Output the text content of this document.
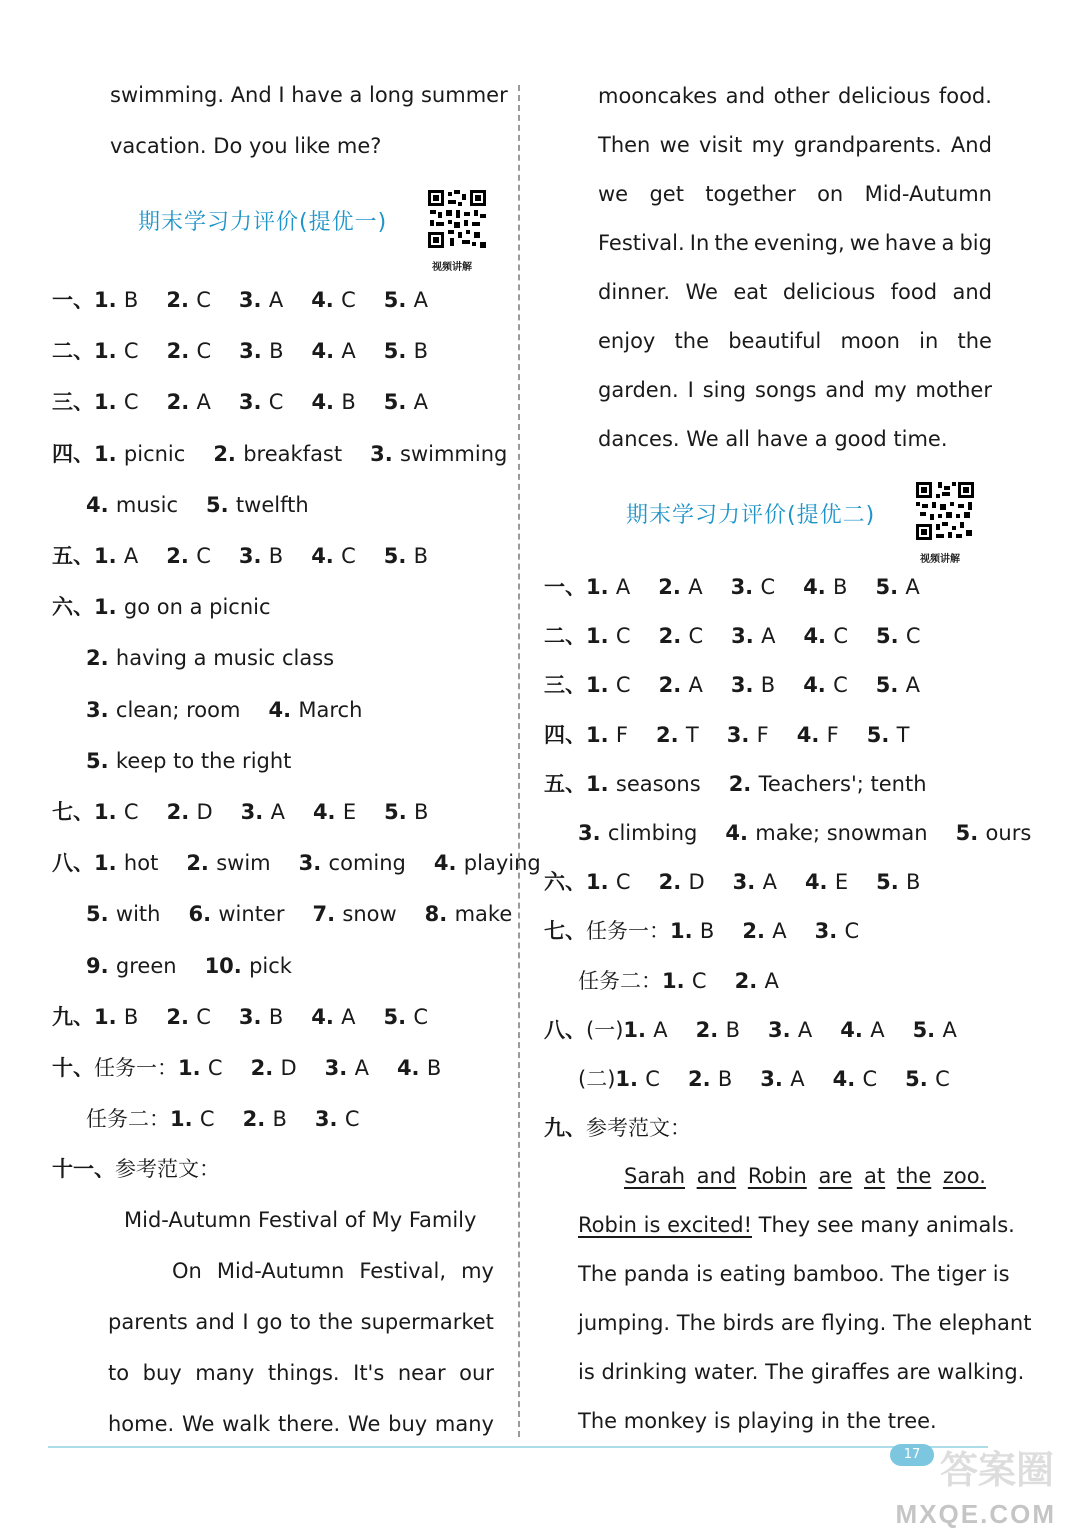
swimming. And I have a long summer
vacation. Do you like me?
期末学习力评价(提优一)
视频讲解
一、1. B 2. C 3. A 4. C 5. A
二、1. C 2. C 3. B 4. A 5. B
三、1. C 2. A 3. C 4. B 5. A
四、1. picnic 2. breakfast 3. swimming
4. music 5. twelfth
五、1. A 2. C 3. B 4. C 5. B
六、1. go on a picnic
2. having a music class
3. clean; room 4. March
5. keep to the right
七、1. C 2. D 3. A 4. E 5. B
八、1. hot 2. swim 3. coming 4. playing
5. with 6. winter 7. snow 8. make
9. green 10. pick
九、1. B 2. C 3. B 4. A 5. C
十、任务一：1. C 2. D 3. A 4. B
任务二：1. C 2. B 3. C
十一、参考范文：
Mid-Autumn Festival of My Family
On Mid-Autumn Festival, my
parents and I go to the supermarket
to buy many things. It's near our
home. We walk there. We buy many
mooncakes and other delicious food.
Then we visit my grandparents. And
we get together on Mid-Autumn
Festival. In the evening, we have a big
dinner. We eat delicious food and
enjoy the beautiful moon in the
garden. I sing songs and my mother
dances. We all have a good time.
期末学习力评价(提优二)
视频讲解
一、1. A 2. A 3. C 4. B 5. A
二、1. C 2. C 3. A 4. C 5. C
三、1. C 2. A 3. B 4. C 5. A
四、1. F 2. T 3. F 4. F 5. T
五、1. seasons 2. Teachers'; tenth
3. climbing 4. make; snowman 5. ours
六、1. C 2. D 3. A 4. E 5. B
七、任务一：1. B 2. A 3. C
任务二：1. C 2. A
八、(一)1. A 2. B 3. A 4. A 5. A
(二)1. C 2. B 3. A 4. C 5. C
九、参考范文：
Sarah and Robin are at the zoo.
Robin is excited! They see many animals.
The panda is eating bamboo. The tiger is
jumping. The birds are flying. The elephant
is drinking water. The giraffes are walking.
The monkey is playing in the tree.
17 答案圈
MXQE.COM
